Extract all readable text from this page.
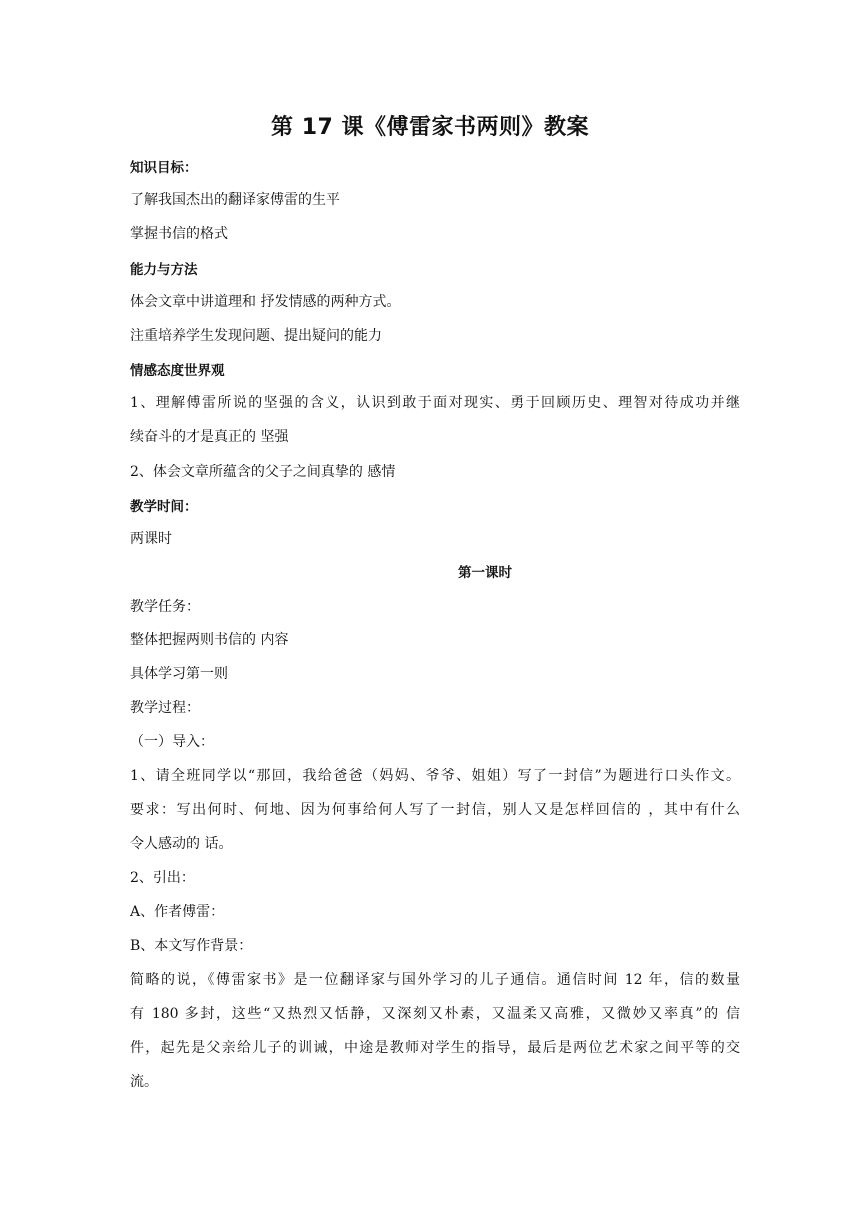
第 17 课《傅雷家书两则》教案
知识目标：
了解我国杰出的翻译家傅雷的生平
掌握书信的格式
能力与方法
体会文章中讲道理和 抒发情感的两种方式。
注重培养学生发现问题、提出疑问的能力
情感态度世界观
1、理解傅雷所说的坚强的含义，认识到敢于面对现实、勇于回顾历史、理智对待成功并继
续奋斗的才是真正的 坚强
2、体会文章所蕴含的父子之间真挚的 感情
教学时间：
两课时
第一课时
教学任务：
整体把握两则书信的 内容
具体学习第一则
教学过程：
（一）导入：
1、请全班同学以“那回，我给爸爸（妈妈、爷爷、姐姐）写了一封信”为题进行口头作文。
要求：写出何时、何地、因为何事给何人写了一封信，别人又是怎样回信的 ，其中有什么
令人感动的 话。
2、引出：
A、作者傅雷：
B、本文写作背景：
简略的说，《傅雷家书》是一位翻译家与国外学习的儿子通信。通信时间 12 年，信的数量
有 180 多封，这些“又热烈又恬静，又深刻又朴素，又温柔又高雅，又微妙又率真”的 信
件，起先是父亲给儿子的训诫，中途是教师对学生的指导，最后是两位艺术家之间平等的交
流。
